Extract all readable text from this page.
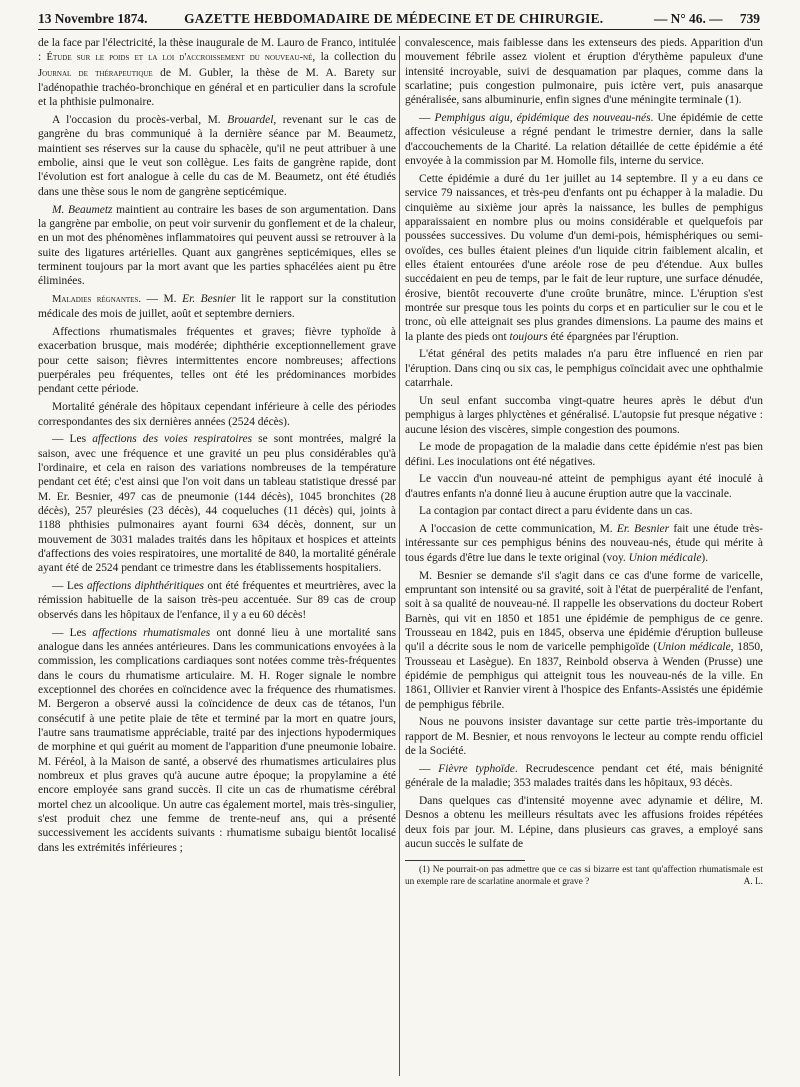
13 Novembre 1874.	GAZETTE HEBDOMADAIRE DE MÉDECINE ET DE CHIRURGIE.	— N° 46. — 739

de la face par l'électricité, la thèse inaugurale de M. Lauro de Franco, intitulée : Étude sur le poids et la loi d'accroissement du nouveau-né, la collection du Journal de thérapeutique de M. Gubler, la thèse de M. A. Barety sur l'adénopathie trachéo-bronchique en général et en particulier dans la scrofule et la phthisie pulmonaire.

A l'occasion du procès-verbal, M. Brouardel, revenant sur le cas de gangrène du bras communiqué à la dernière séance par M. Beaumetz, maintient ses réserves sur la cause du sphacèle, qu'il ne peut attribuer à une embolie, ainsi que le veut son collègue. Les faits de gangrène rapide, dont l'évolution est fort analogue à celle du cas de M. Beaumetz, ont été étudiés dans une thèse sous le nom de gangrène septicémique.

M. Beaumetz maintient au contraire les bases de son argumentation. Dans la gangrène par embolie, on peut voir survenir du gonflement et de la chaleur, en un mot des phénomènes inflammatoires qui peuvent aussi se retrouver à la suite des ligatures artérielles. Quant aux gangrènes septicémiques, elles se terminent toujours par la mort avant que les parties sphacélées aient pu être éliminées.

Maladies régnantes. — M. Er. Besnier lit le rapport sur la constitution médicale des mois de juillet, août et septembre derniers.

Affections rhumatismales fréquentes et graves; fièvre typhoïde à exacerbation brusque, mais modérée; diphthérie exceptionnellement grave pour cette saison; fièvres intermittentes encore nombreuses; affections puerpérales peu fréquentes, telles ont été les prédominances morbides pendant cette période.

Mortalité générale des hôpitaux cependant inférieure à celle des périodes correspondantes des six dernières années (2524 décès).

— Les affections des voies respiratoires se sont montrées, malgré la saison, avec une fréquence et une gravité un peu plus considérables qu'à l'ordinaire, et cela en raison des variations nombreuses de la température pendant cet été; c'est ainsi que l'on voit dans un tableau statistique dressé par M. Er. Besnier, 497 cas de pneumonie (144 décès), 1045 bronchites (28 décès), 257 pleurésies (23 décès), 44 coqueluches (11 décès) qui, joints à 1188 phthisies pulmonaires ayant fourni 634 décès, donnent, sur un mouvement de 3031 malades traités dans les hôpitaux et hospices et atteints d'affections des voies respiratoires, une mortalité de 840, la mortalité générale ayant été de 2524 pendant ce trimestre dans les établissements hospitaliers.

— Les affections diphthéritiques ont été fréquentes et meurtrières, avec la rémission habituelle de la saison très-peu accentuée. Sur 89 cas de croup observés dans les hôpitaux de l'enfance, il y a eu 60 décès!

— Les affections rhumatismales ont donné lieu à une mortalité sans analogue dans les années antérieures. Dans les communications envoyées à la commission, les complications cardiaques sont notées comme très-fréquentes dans le cours du rhumatisme articulaire. M. H. Roger signale le nombre exceptionnel des chorées en coïncidence avec la fréquence des rhumatismes. M. Bergeron a observé aussi la coïncidence de deux cas de tétanos, l'un consécutif à une petite plaie de tête et terminé par la mort en quatre jours, l'autre sans traumatisme appréciable, traité par des injections hypodermiques de morphine et qui guérit au moment de l'apparition d'une pneumonie lobaire. M. Féréol, à la Maison de santé, a observé des rhumatismes articulaires plus nombreux et plus graves qu'à aucune autre époque; la propylamine a été encore employée sans grand succès. Il cite un cas de rhumatisme cérébral mortel chez un alcoolique. Un autre cas également mortel, mais très-singulier, s'est produit chez une femme de trente-neuf ans, qui a présenté successivement les accidents suivants : rhumatisme subaigu bientôt localisé dans les extrémités inférieures ;

convalescence, mais faiblesse dans les extenseurs des pieds. Apparition d'un mouvement fébrile assez violent et éruption d'érythème papuleux d'une intensité incroyable, suivi de desquamation par plaques, comme dans la scarlatine; puis congestion pulmonaire, puis ictère vert, puis anasarque généralisée, sans albuminurie, enfin signes d'une méningite terminale (1).

— Pemphigus aigu, épidémique des nouveau-nés. Une épidémie de cette affection vésiculeuse a régné pendant le trimestre dernier, dans la salle d'accouchements de la Charité. La relation détaillée de cette épidémie a été envoyée à la commission par M. Homolle fils, interne du service.

Cette épidémie a duré du 1er juillet au 14 septembre. Il y a eu dans ce service 79 naissances, et très-peu d'enfants ont pu échapper à la maladie. Du cinquième au sixième jour après la naissance, les bulles de pemphigus apparaissaient en nombre plus ou moins considérable et quelquefois par poussées successives. Du volume d'un demi-pois, hémisphériques ou semi-ovoïdes, ces bulles étaient pleines d'un liquide citrin faiblement alcalin, et elles étaient entourées d'une aréole rose de peu d'étendue. Aux bulles succédaient en peu de temps, par le fait de leur rupture, une surface dénudée, érosive, bientôt recouverte d'une croûte brunâtre, mince. L'éruption s'est montrée sur presque tous les points du corps et en particulier sur le cou et le tronc, où elle atteignait ses plus grandes dimensions. La paume des mains et la plante des pieds ont toujours été épargnées par l'éruption.

L'état général des petits malades n'a paru être influencé en rien par l'éruption. Dans cinq ou six cas, le pemphigus coïncidait avec une ophthalmie catarrhale.

Un seul enfant succomba vingt-quatre heures après le début d'un pemphigus à larges phlyctènes et généralisé. L'autopsie fut presque négative : aucune lésion des viscères, simple congestion des poumons.

Le mode de propagation de la maladie dans cette épidémie n'est pas bien défini. Les inoculations ont été négatives.

Le vaccin d'un nouveau-né atteint de pemphigus ayant été inoculé à d'autres enfants n'a donné lieu à aucune éruption autre que la vaccinale.

La contagion par contact direct a paru évidente dans un cas.

A l'occasion de cette communication, M. Er. Besnier fait une étude très-intéressante sur ces pemphigus bénins des nouveau-nés, étude qui mérite à tous égards d'être lue dans le texte original (voy. Union médicale).

M. Besnier se demande s'il s'agit dans ce cas d'une forme de varicelle, empruntant son intensité ou sa gravité, soit à l'état de puerpéralité de l'enfant, soit à sa qualité de nouveau-né. Il rappelle les observations du docteur Robert Barnès, qui vit en 1850 et 1851 une épidémie de pemphigus de ce genre. Trousseau en 1842, puis en 1845, observa une épidémie d'éruption bulleuse qu'il a décrite sous le nom de varicelle pemphigoïde (Union médicale, 1850, Trousseau et Lasègue). En 1837, Reinbold observa à Wenden (Prusse) une épidémie de pemphigus qui atteignit tous les nouveau-nés de la ville. En 1861, Ollivier et Ranvier virent à l'hospice des Enfants-Assistés une épidémie de pemphigus fébrile.

Nous ne pouvons insister davantage sur cette partie très-importante du rapport de M. Besnier, et nous renvoyons le lecteur au compte rendu officiel de la Société.

— Fièvre typhoïde. Recrudescence pendant cet été, mais bénignité générale de la maladie; 353 malades traités dans les hôpitaux, 93 décès.

Dans quelques cas d'intensité moyenne avec adynamie et délire, M. Desnos a obtenu les meilleurs résultats avec les affusions froides répétées deux fois par jour. M. Lépine, dans plusieurs cas graves, a employé sans aucun succès le sulfate de

(1) Ne pourrait-on pas admettre que ce cas si bizarre est tant qu'affection rhumatismale est un exemple rare de scarlatine anormale et grave ?	A. L.
